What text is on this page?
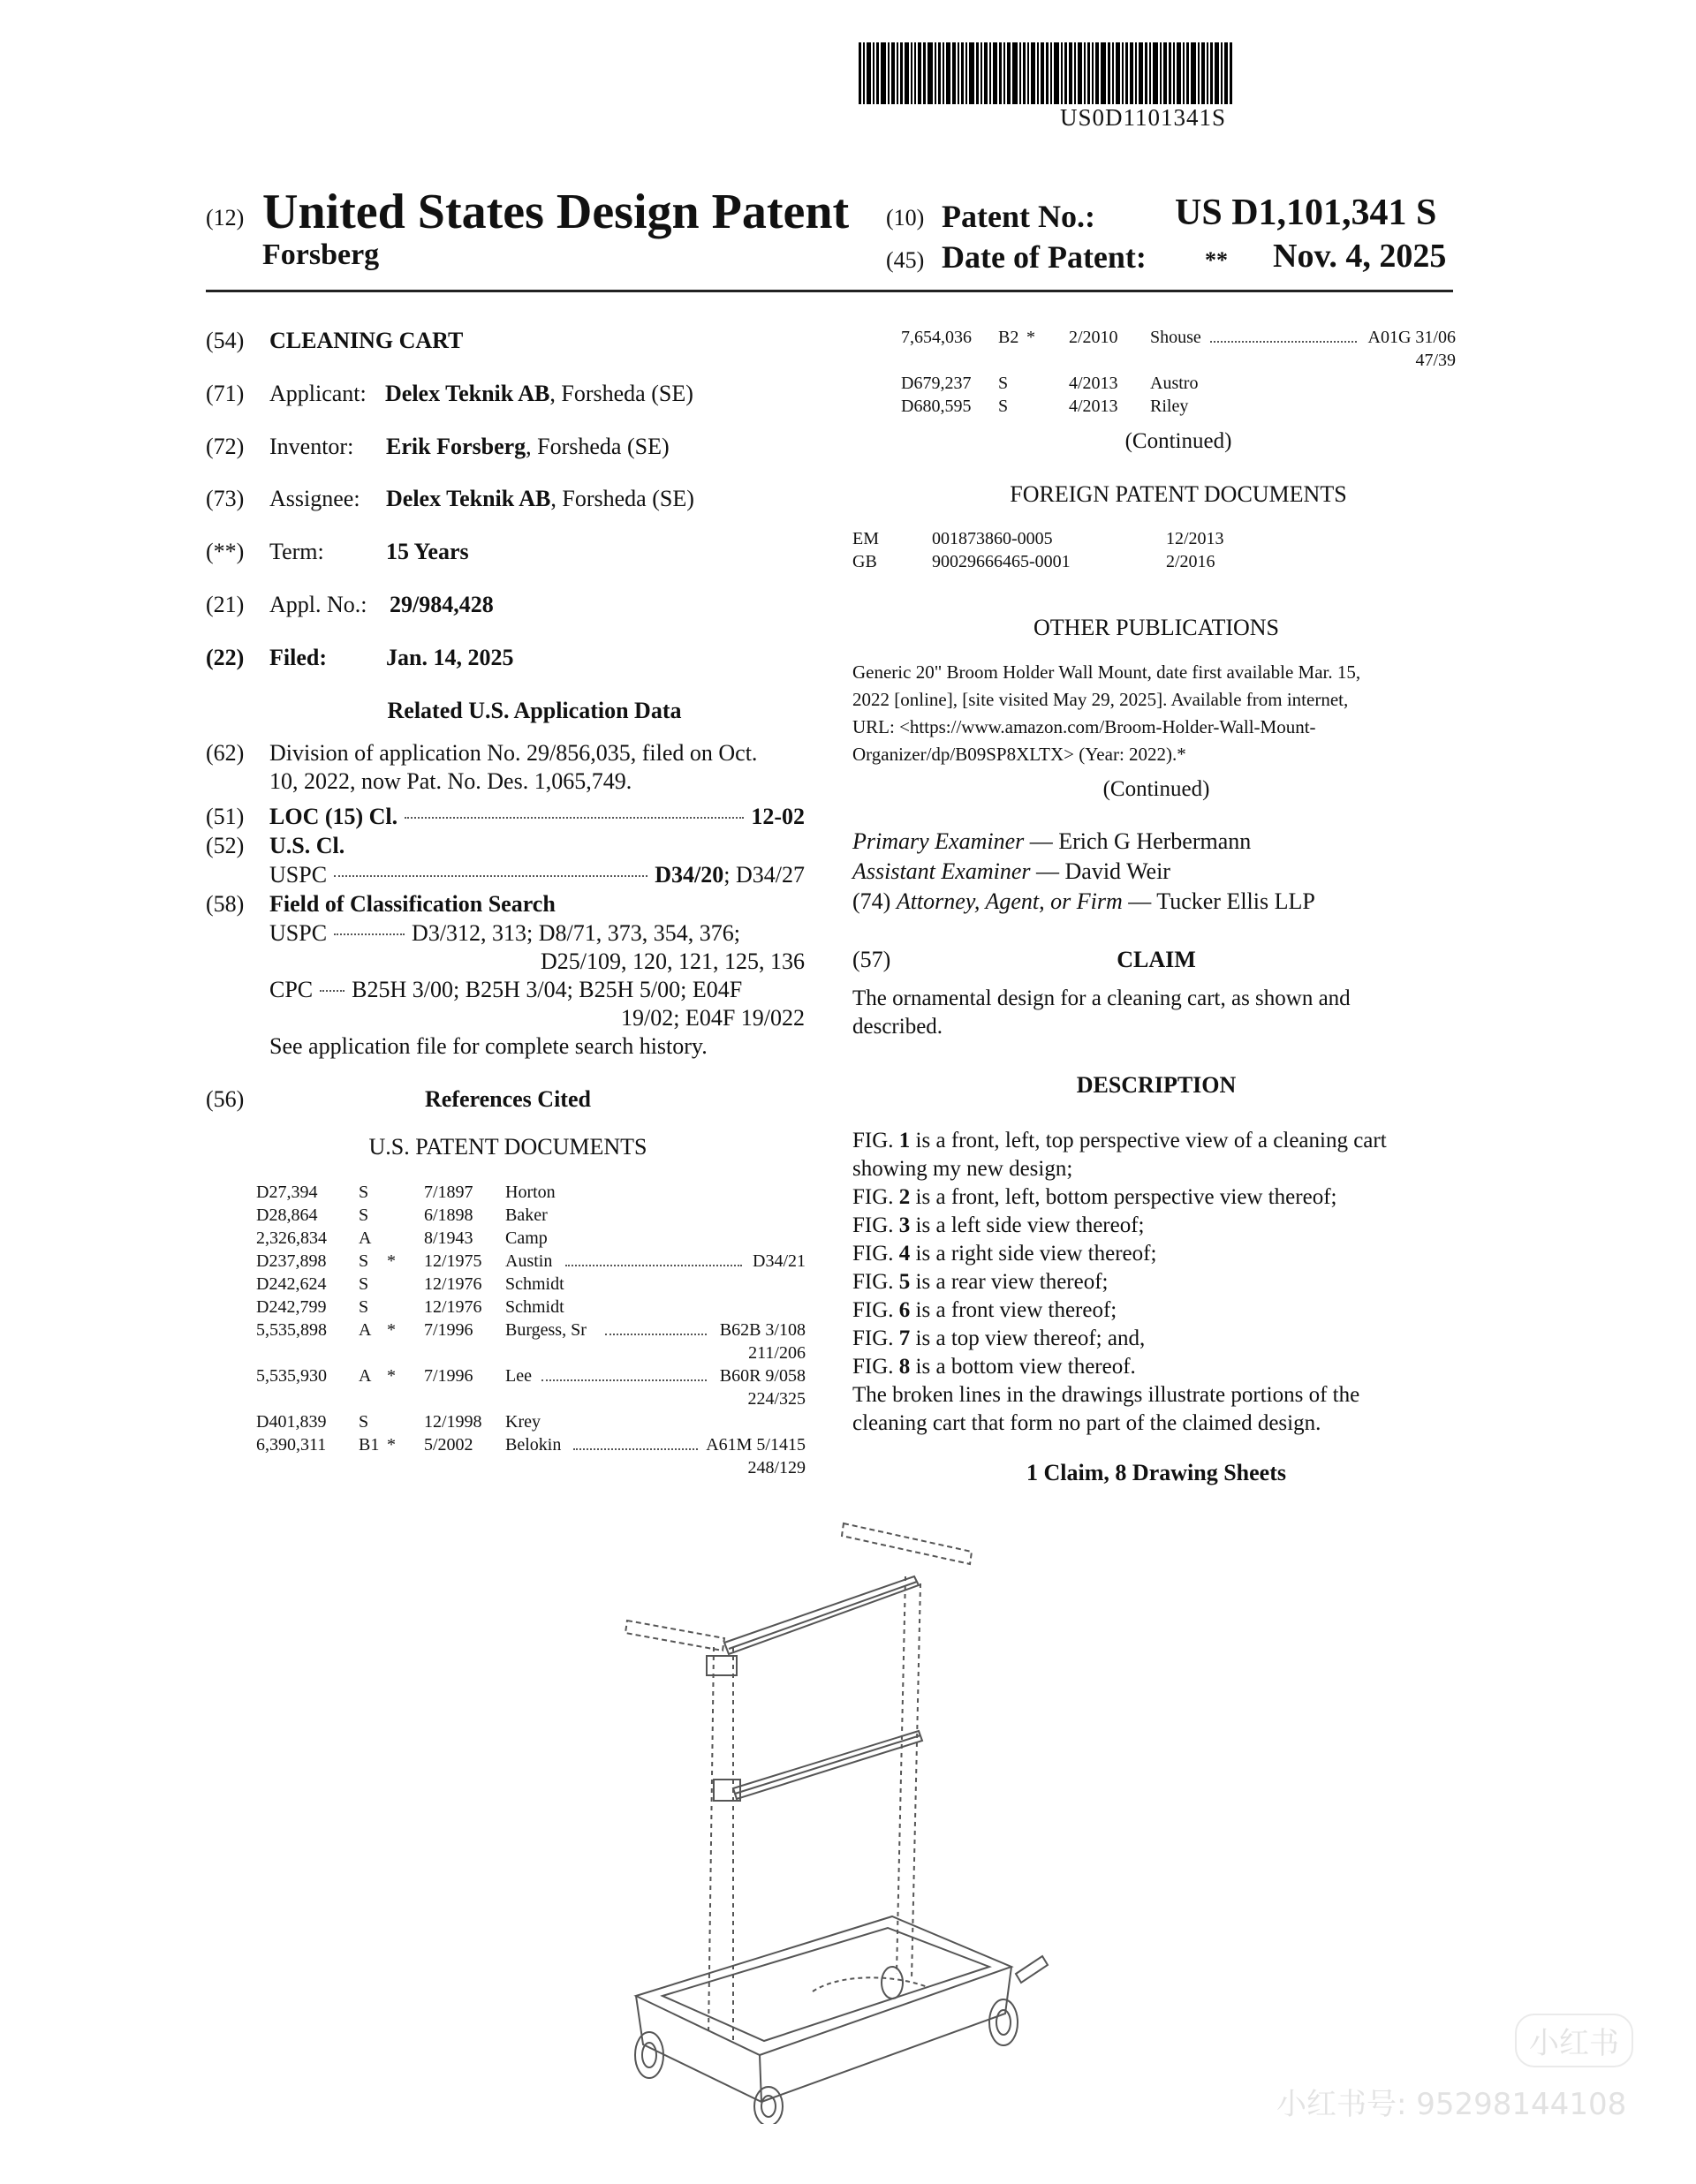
US0D1101341S
(12) United States Design Patent
Forsberg
(10) Patent No.: US D1,101,341 S
(45) Date of Patent:	** Nov. 4, 2025
(54) CLEANING CART
(71) Applicant: Delex Teknik AB, Forsheda (SE)
(72) Inventor: Erik Forsberg, Forsheda (SE)
(73) Assignee: Delex Teknik AB, Forsheda (SE)
(**) Term:	15 Years
(21) Appl. No.: 29/984,428
(22) Filed:	Jan. 14, 2025
Related U.S. Application Data
(62) Division of application No. 29/856,035, filed on Oct.
10, 2022, now Pat. No. Des. 1,065,749.
(51)	LOC (15) Cl.	12-02
(52) U.S. Cl.
USPC	D34/20 ; D34/27
(58) Field of Classification Search
USPC	D3/312, 313; D8/71, 373, 354, 376;
D25/109, 120, 121, 125, 136
CPC B25H 3/00; B25H 3/04; B25H 5/00; E04F
19/02; E04F 19/022
See application file for complete search history.
(56)	References Cited
U.S. PATENT DOCUMENTS
D27,394 S	7/1897 Horton
D28,864 S	6/1898 Baker
2,326,834 A	8/1943 Camp
D237,898 S * 12/1975 Austin	D34/21
D242,624 S	12/1976 Schmidt
D242,799 S	12/1976 Schmidt
5,535,898 A * 7/1996 Burgess, Sr	B62B 3/108
211/206
5,535,930 A * 7/1996 Lee	B60R 9/058
224/325
D401,839 S	12/1998 Krey
6,390,311 B1 * 5/2002 Belokin	A61M 5/1415
248/129
7,654,036 B2 * 2/2010 Shouse	A01G 31/06
47/39
D679,237 S	4/2013 Austro
D680,595 S	4/2013 Riley
(Continued)
FOREIGN PATENT DOCUMENTS
EM	001873860-0005	12/2013
GB	90029666465-0001	2/2016
OTHER PUBLICATIONS
Generic 20" Broom Holder Wall Mount, date first available Mar. 15,
2022 [online], [site visited May 29, 2025]. Available from internet,
URL: <https://www.amazon.com/Broom-Holder-Wall-Mount-
Organizer/dp/B09SP8XLTX> (Year: 2022).*
(Continued)
Primary Examiner — Erich G Herbermann
Assistant Examiner — David Weir
(74) Attorney, Agent, or Firm — Tucker Ellis LLP
(57)	CLAIM
The ornamental design for a cleaning cart, as shown and
described.
DESCRIPTION
FIG. 1 is a front, left, top perspective view of a cleaning cart
showing my new design;
FIG. 2 is a front, left, bottom perspective view thereof;
FIG. 3 is a left side view thereof;
FIG. 4 is a right side view thereof;
FIG. 5 is a rear view thereof;
FIG. 6 is a front view thereof;
FIG. 7 is a top view thereof; and,
FIG. 8 is a bottom view thereof.
The broken lines in the drawings illustrate portions of the
cleaning cart that form no part of the claimed design.
1 Claim, 8 Drawing Sheets
小红书
小红书号: 95298144108
